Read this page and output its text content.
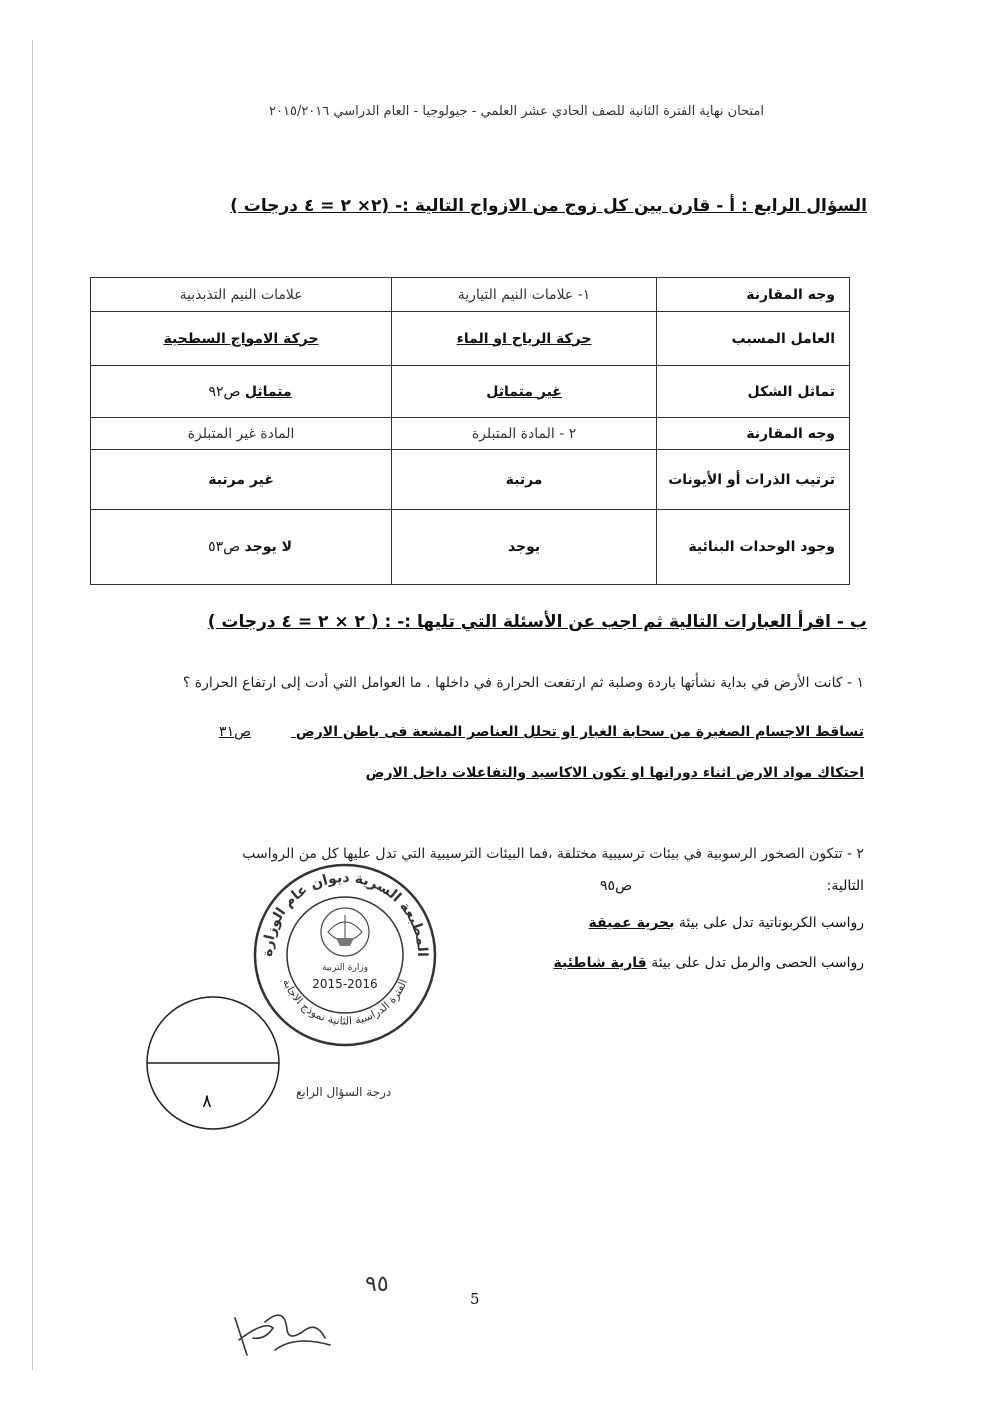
امتحان نهاية الفترة الثانية للصف الحادي عشر العلمي - جيولوجيا - العام الدراسي ٢٠١٥/٢٠١٦
السؤال الرابع : أ - قارن بين كل زوج من الازواج التالية :- (٢× ٢ = ٤ درجات )
وجه المقارنة	١- علامات النيم التيارية	علامات النيم التذبذبية
العامل المسبب	حركة الرياح او الماء	حركة الامواج السطحية
تماثل الشكل	غير متماثل	متماثل ص٩٢
وجه المقارنة	٢ - المادة المتبلرة	المادة غير المتبلرة
ترتيب الذرات أو الأيونات	مرتبة	غير مرتبة
وجود الوحدات البنائية	يوجد	لا يوجد ص٥٣
ب - اقرأ العبارات التالية ثم اجب عن الأسئلة التي تليها :- : ( ٢ × ٢ = ٤ درجات )
١ - كانت الأرض في بداية نشأتها باردة وصلبة ثم ارتفعت الحرارة في داخلها . ما العوامل التي أدت إلى ارتفاع الحرارة ؟
تساقط الاجسام الصغيرة من سحابة الغبار او تحلل العناصر المشعة فى باطن الارض ص٣١
احتكاك مواد الارض اثناء دورانها او تكون الاكاسيد والتفاعلات داخل الارض
٢ - تتكون الصخور الرسوبية في بيئات ترسيبية مختلفة ،فما البيئات الترسيبية التي تدل عليها كل من الرواسب
التالية:
ص٩٥
رواسب الكربوناتية تدل على بيئة بحرية عميقة
رواسب الحصى والرمل تدل على بيئة قارية شاطئية
المطبعة السرية ديوان عام الوزارة
الفترة الدراسية الثانية نموذج الاجابة
وزارة التربية
2015-2016
٨	درجة السؤال الرابع
٩٥
5
